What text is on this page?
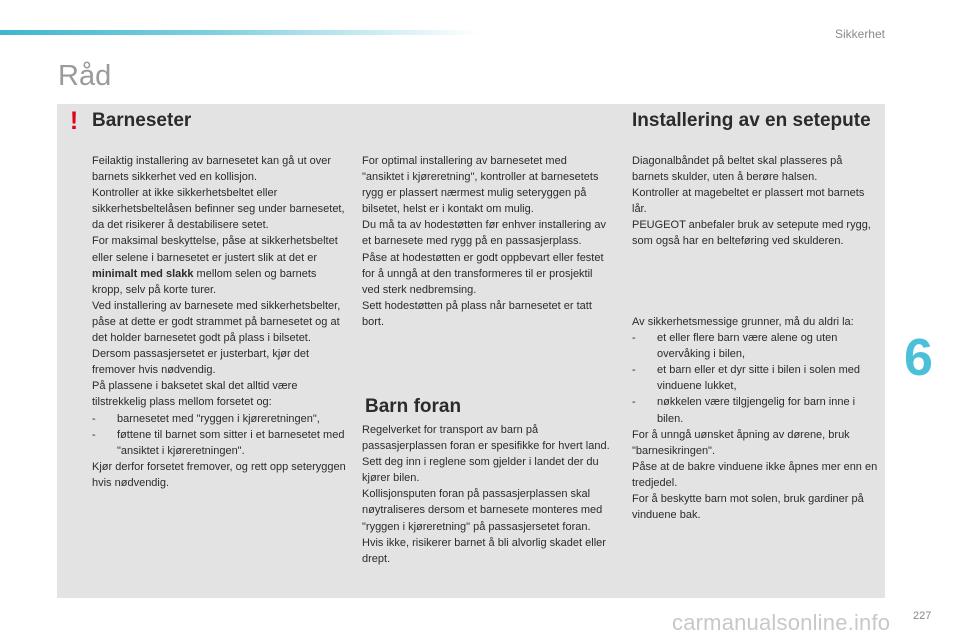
Sikkerhet
Råd
! Barneseter	Installering av en setepute

Feilaktig installering av barnesetet kan gå ut over barnets sikkerhet ved en kollisjon.

Kontroller at ikke sikkerhetsbeltet eller sikkerhetsbeltelåsen befinner seg under barnesetet, da det risikerer å destabilisere setet.

For maksimal beskyttelse, påse at sikkerhetsbeltet eller selene i barnesetet er justert slik at det er minimalt med slakk mellom selen og barnets kropp, selv på korte turer.

Ved installering av barnesete med sikkerhetsbelter, påse at dette er godt strammet på barnesetet og at det holder barnesetet godt på plass i bilsetet. Dersom passasjersetet er justerbart, kjør det fremover hvis nødvendig.

På plassene i baksetet skal det alltid være tilstrekkelig plass mellom forsetet og:

- barnesetet med "ryggen i kjøreretningen",

- føttene til barnet som sitter i et barnesetet med "ansiktet i kjøreretningen".

Kjør derfor forsetet fremover, og rett opp seteryggen hvis nødvendig.

For optimal installering av barnesetet med "ansiktet i kjøreretning", kontroller at barnesetets rygg er plassert nærmest mulig seteryggen på bilsetet, helst er i kontakt om mulig.

Du må ta av hodestøtten før enhver installering av et barnesete med rygg på en passasjerplass.

Påse at hodestøtten er godt oppbevart eller festet for å unngå at den transformeres til er prosjektil ved sterk nedbremsing.

Sett hodestøtten på plass når barnesetet er tatt bort.

Barn foran

Regelverket for transport av barn på passasjerplassen foran er spesifikke for hvert land. Sett deg inn i reglene som gjelder i landet der du kjører bilen.

Kollisjonsputen foran på passasjerplassen skal nøytraliseres dersom et barnesete monteres med "ryggen i kjøreretning" på passasjersetet foran. Hvis ikke, risikerer barnet å bli alvorlig skadet eller drept.

Diagonalbåndet på beltet skal plasseres på barnets skulder, uten å berøre halsen.

Kontroller at magebeltet er plassert mot barnets lår.

PEUGEOT anbefaler bruk av setepute med rygg, som også har en belteføring ved skulderen.

Av sikkerhetsmessige grunner, må du aldri la:

- et eller flere barn være alene og uten overvåking i bilen,

- et barn eller et dyr sitte i bilen i solen med vinduene lukket,

- nøkkelen være tilgjengelig for barn inne i bilen.

For å unngå uønsket åpning av dørene, bruk "barnesikringen".

Påse at de bakre vinduene ikke åpnes mer enn en tredjedel.

For å beskytte barn mot solen, bruk gardiner på vinduene bak.

6
carmanualsonline.info 227
